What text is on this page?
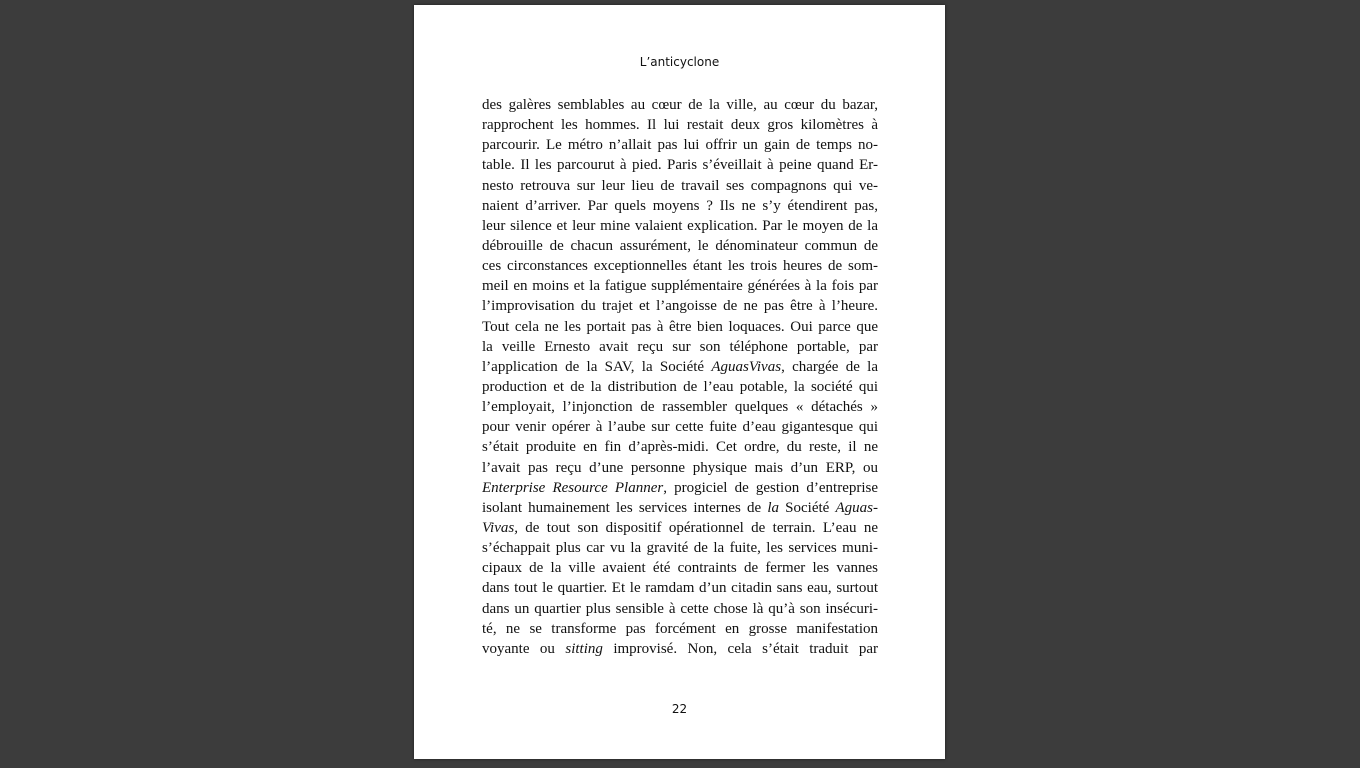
L’anticyclone
des galères semblables au cœur de la ville, au cœur du bazar,
rapprochent les hommes. Il lui restait deux gros kilomètres à
parcourir. Le métro n’allait pas lui offrir un gain de temps no-
table. Il les parcourut à pied. Paris s’éveillait à peine quand Er-
nesto retrouva sur leur lieu de travail ses compagnons qui ve-
naient d’arriver. Par quels moyens ? Ils ne s’y étendirent pas,
leur silence et leur mine valaient explication. Par le moyen de la
débrouille de chacun assurément, le dénominateur commun de
ces circonstances exceptionnelles étant les trois heures de som-
meil en moins et la fatigue supplémentaire générées à la fois par
l’improvisation du trajet et l’angoisse de ne pas être à l’heure.
Tout cela ne les portait pas à être bien loquaces. Oui parce que
la veille Ernesto avait reçu sur son téléphone portable, par
l’application de la SAV, la Société AguasVivas, chargée de la
production et de la distribution de l’eau potable, la société qui
l’employait, l’injonction de rassembler quelques « détachés »
pour venir opérer à l’aube sur cette fuite d’eau gigantesque qui
s’était produite en fin d’après-midi. Cet ordre, du reste, il ne
l’avait pas reçu d’une personne physique mais d’un ERP, ou
Enterprise Resource Planner, progiciel de gestion d’entreprise
isolant humainement les services internes de la Société Aguas-
Vivas, de tout son dispositif opérationnel de terrain. L’eau ne
s’échappait plus car vu la gravité de la fuite, les services muni-
cipaux de la ville avaient été contraints de fermer les vannes
dans tout le quartier. Et le ramdam d’un citadin sans eau, surtout
dans un quartier plus sensible à cette chose là qu’à son insécuri-
té, ne se transforme pas forcément en grosse manifestation
voyante ou sitting improvisé. Non, cela s’était traduit par
22
